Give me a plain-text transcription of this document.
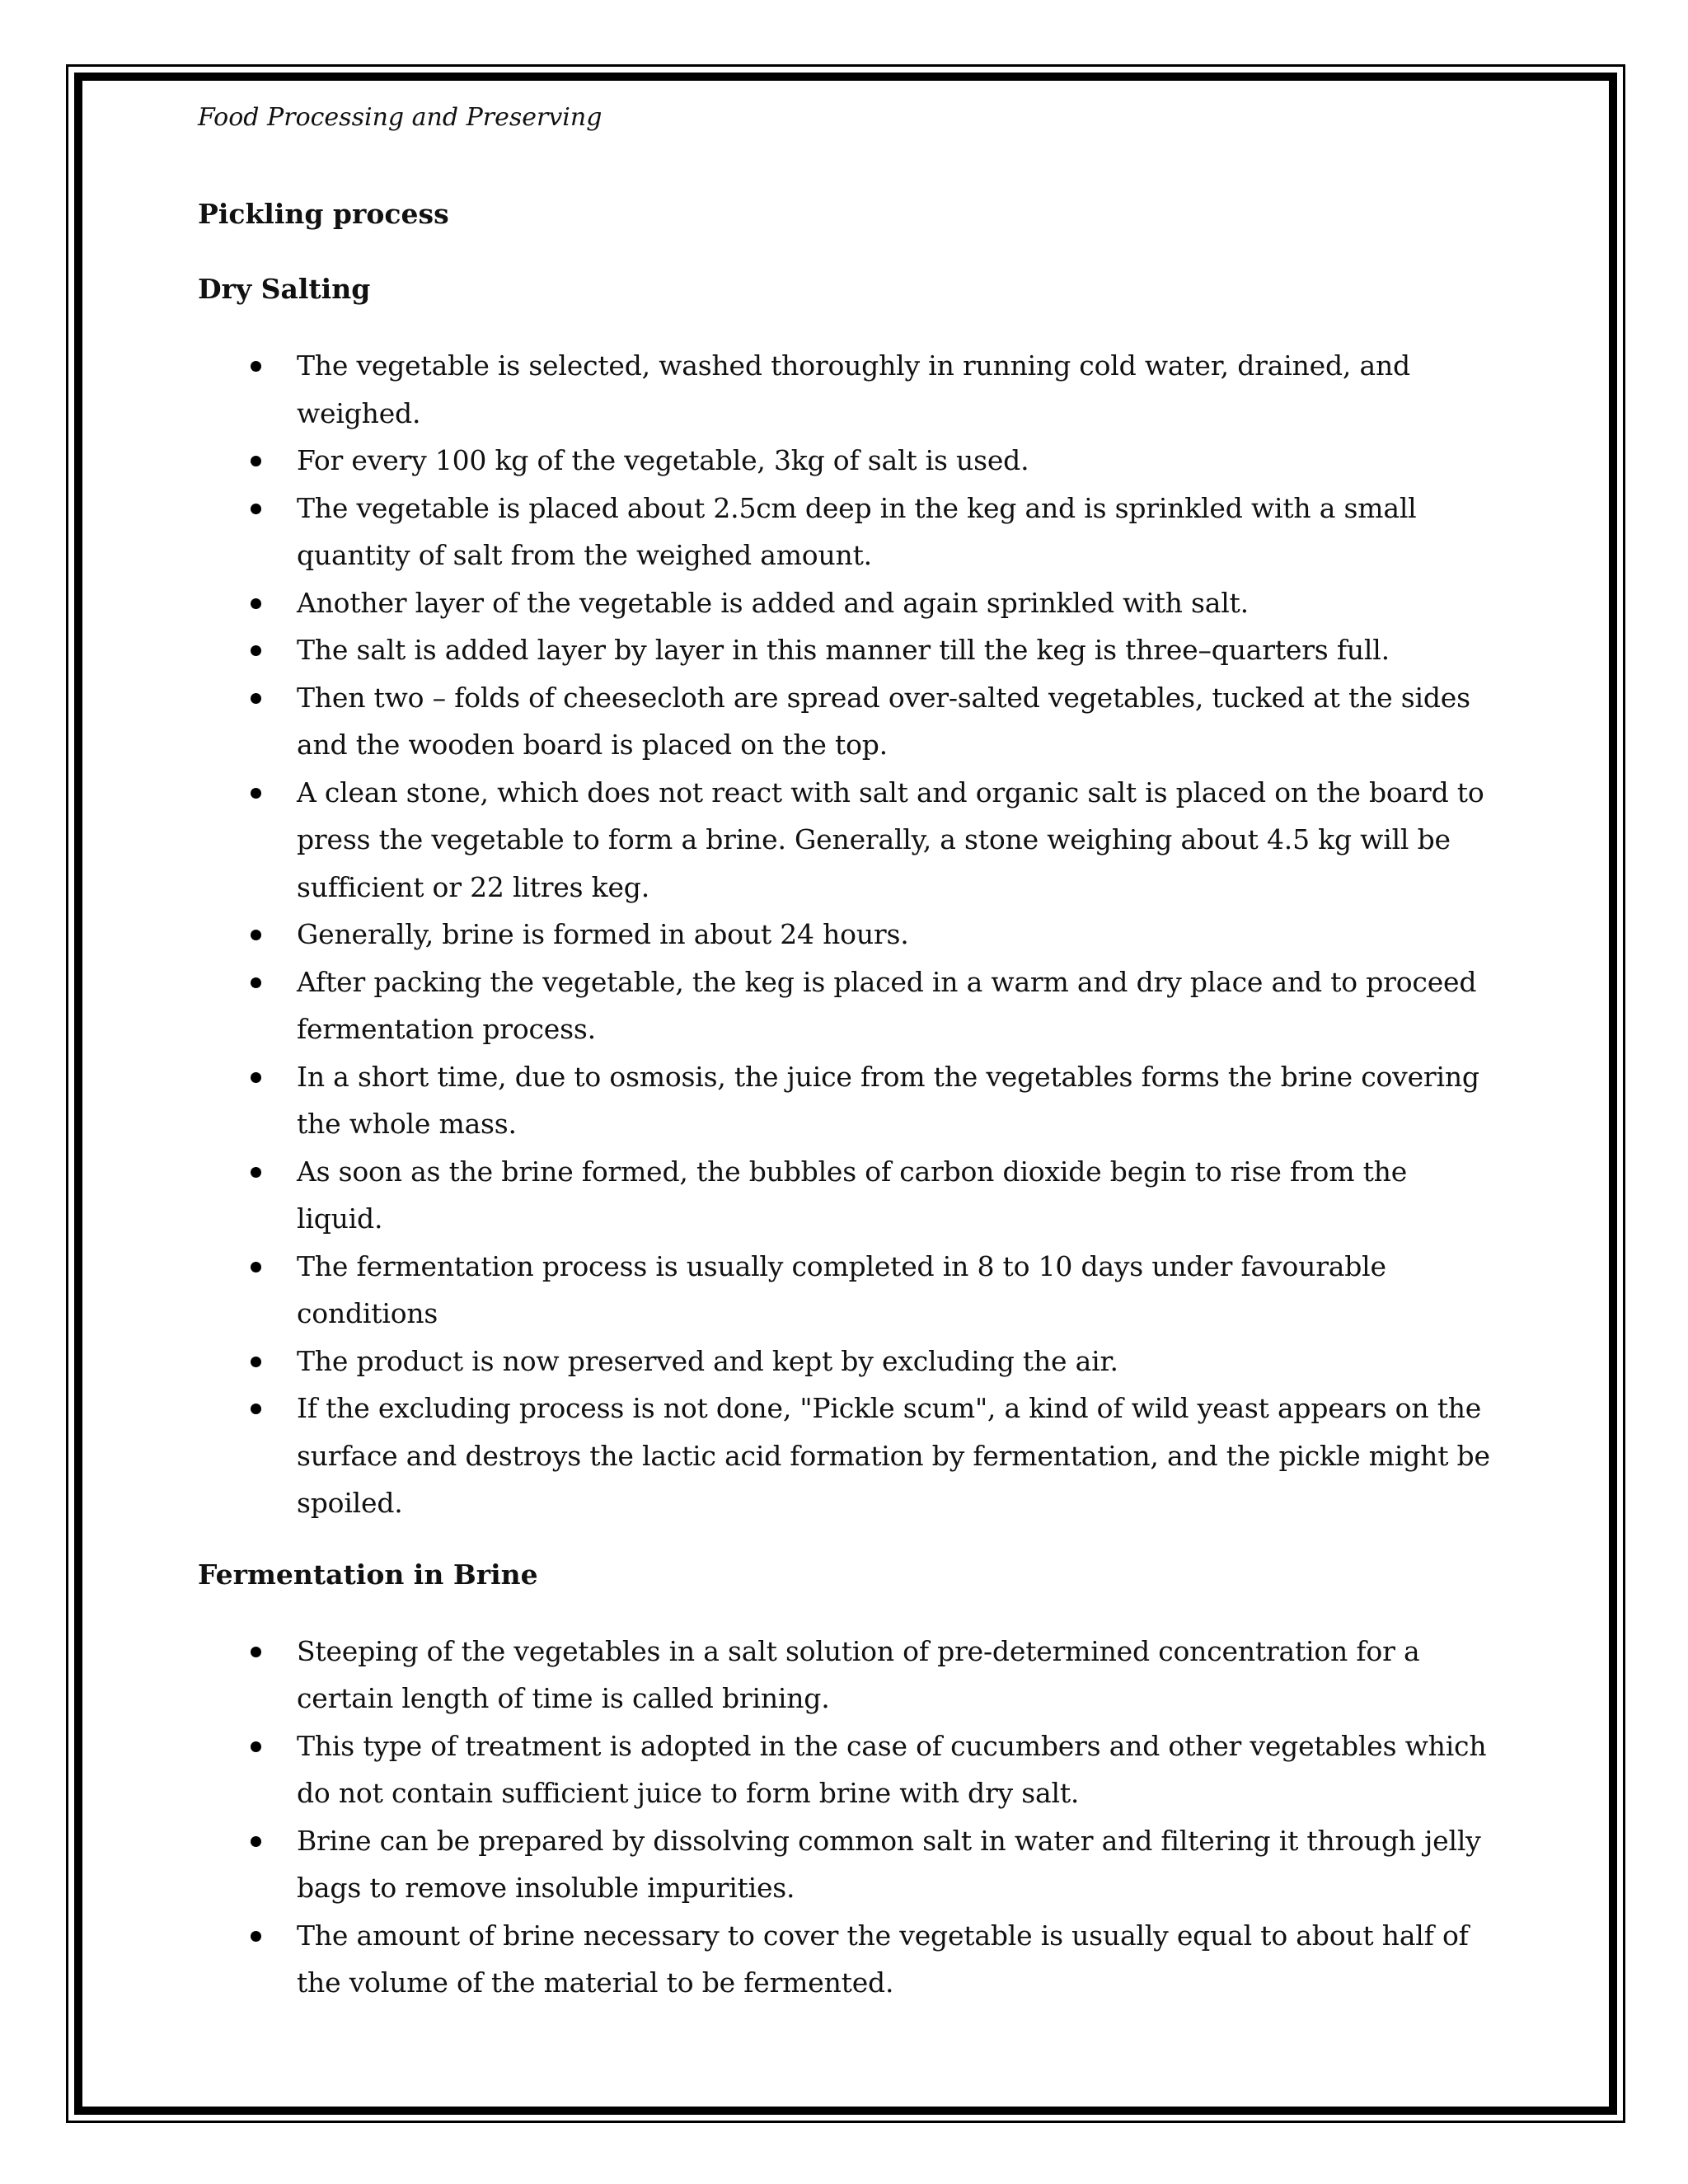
Food Processing and Preserving

Pickling process

Dry Salting

The vegetable is selected, washed thoroughly in running cold water, drained, and weighed.
For every 100 kg of the vegetable, 3kg of salt is used.
The vegetable is placed about 2.5cm deep in the keg and is sprinkled with a small quantity of salt from the weighed amount.
Another layer of the vegetable is added and again sprinkled with salt.
The salt is added layer by layer in this manner till the keg is three–quarters full.
Then two – folds of cheesecloth are spread over-salted vegetables, tucked at the sides and the wooden board is placed on the top.
A clean stone, which does not react with salt and organic salt is placed on the board to press the vegetable to form a brine. Generally, a stone weighing about 4.5 kg will be sufficient or 22 litres keg.
Generally, brine is formed in about 24 hours.
After packing the vegetable, the keg is placed in a warm and dry place and to proceed fermentation process.
In a short time, due to osmosis, the juice from the vegetables forms the brine covering the whole mass.
As soon as the brine formed, the bubbles of carbon dioxide begin to rise from the liquid.
The fermentation process is usually completed in 8 to 10 days under favourable conditions
The product is now preserved and kept by excluding the air.
If the excluding process is not done, "Pickle scum", a kind of wild yeast appears on the surface and destroys the lactic acid formation by fermentation, and the pickle might be spoiled.

Fermentation in Brine

Steeping of the vegetables in a salt solution of pre-determined concentration for a certain length of time is called brining.
This type of treatment is adopted in the case of cucumbers and other vegetables which do not contain sufficient juice to form brine with dry salt.
Brine can be prepared by dissolving common salt in water and filtering it through jelly bags to remove insoluble impurities.
The amount of brine necessary to cover the vegetable is usually equal to about half of the volume of the material to be fermented.
